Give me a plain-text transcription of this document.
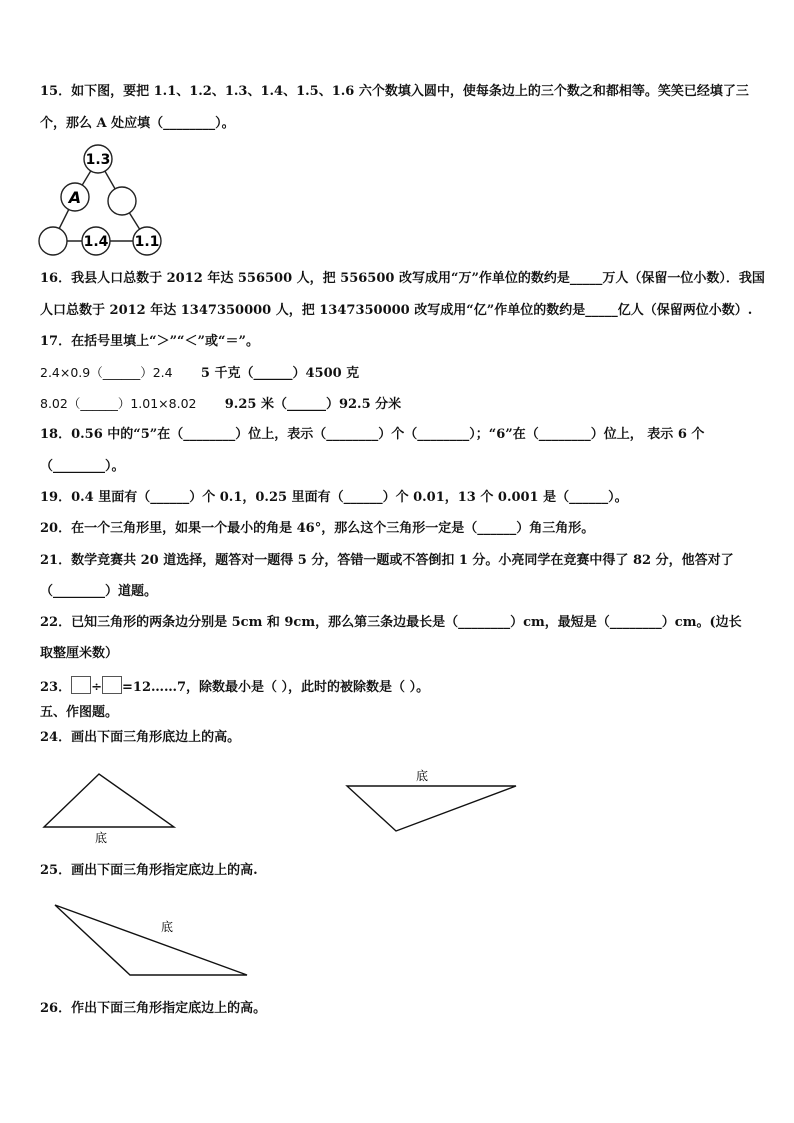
15．如下图，要把 1.1、1.2、1.3、1.4、1.5、1.6 六个数填入圆中，使每条边上的三个数之和都相等。笑笑已经填了三
个，那么 A 处应填（________）。
1.3
A
1.4 1.1
16．我县人口总数于 2012 年达 556500 人，把 556500 改写成用“万”作单位的数约是_____万人（保留一位小数）．我国
人口总数于 2012 年达 1347350000 人，把 1347350000 改写成用“亿”作单位的数约是_____亿人（保留两位小数）.
17．在括号里填上“＞”“＜”或“＝”。
2.4×0.9（______）2.4 5 千克（______）4500 克
8.02（______）1.01×8.02 9.25 米（______）92.5 分米
18．0.56 中的“5”在（________）位上，表示（________）个（________）；“6”在（________）位上， 表示 6 个
（________）。
19．0.4 里面有（______）个 0.1，0.25 里面有（______）个 0.01，13 个 0.001 是（______）。
20．在一个三角形里，如果一个最小的角是 46°，那么这个三角形一定是（______）角三角形。
21．数学竞赛共 20 道选择，题答对一题得 5 分，答错一题或不答倒扣 1 分。小亮同学在竞赛中得了 82 分，他答对了
（________）道题。
22．已知三角形的两条边分别是 5cm 和 9cm，那么第三条边最长是（________）cm，最短是（________）cm。(边长
取整厘米数）
23． ÷ =12……7，除数最小是（ ），此时的被除数是（ ）。
五、作图题。
24．画出下面三角形底边上的高。
底
底
25．画出下面三角形指定底边上的高.
底
26．作出下面三角形指定底边上的高。
